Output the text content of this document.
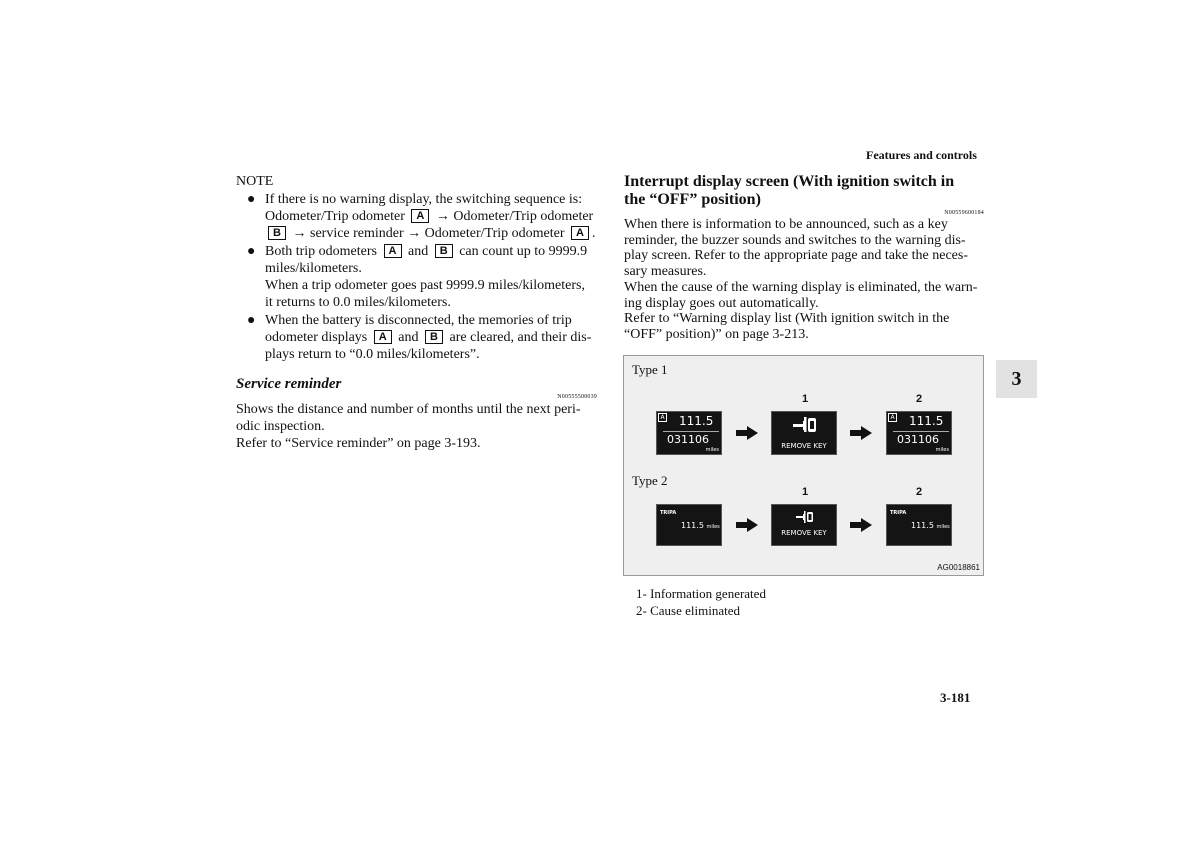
Features and controls
NOTE
● If there is no warning display, the switching sequence is:
Odometer/Trip odometer A → Odometer/Trip odometer
B → service reminder → Odometer/Trip odometer A .
● Both trip odometers A and B can count up to 9999.9
miles/kilometers.
When a trip odometer goes past 9999.9 miles/kilometers,
it returns to 0.0 miles/kilometers.
● When the battery is disconnected, the memories of trip
odometer displays A and B are cleared, and their dis-
plays return to “0.0 miles/kilometers”.
Service reminder
N00555500039

Shows the distance and number of months until the next peri-

odic inspection.

Refer to “Service reminder” on page 3-193.

Interrupt display screen (With ignition switch in
the “OFF” position)
N00559600184

When there is information to be announced, such as a key

reminder, the buzzer sounds and switches to the warning dis-

play screen. Refer to the appropriate page and take the neces-

sary measures.

When the cause of the warning display is eliminated, the warn-

ing display goes out automatically.

Refer to “Warning display list (With ignition switch in the

“OFF” position)” on page 3-213.

Type 1
1	2
A 111.5
031106
miles	REMOVE KEY
A 111.5
031106
miles
Type 2
1	2
TRIPA
111.5 miles
REMOVE KEY
TRIPA
111.5 miles
AG0018861
1- Information generated
2- Cause eliminated
3
3-181
